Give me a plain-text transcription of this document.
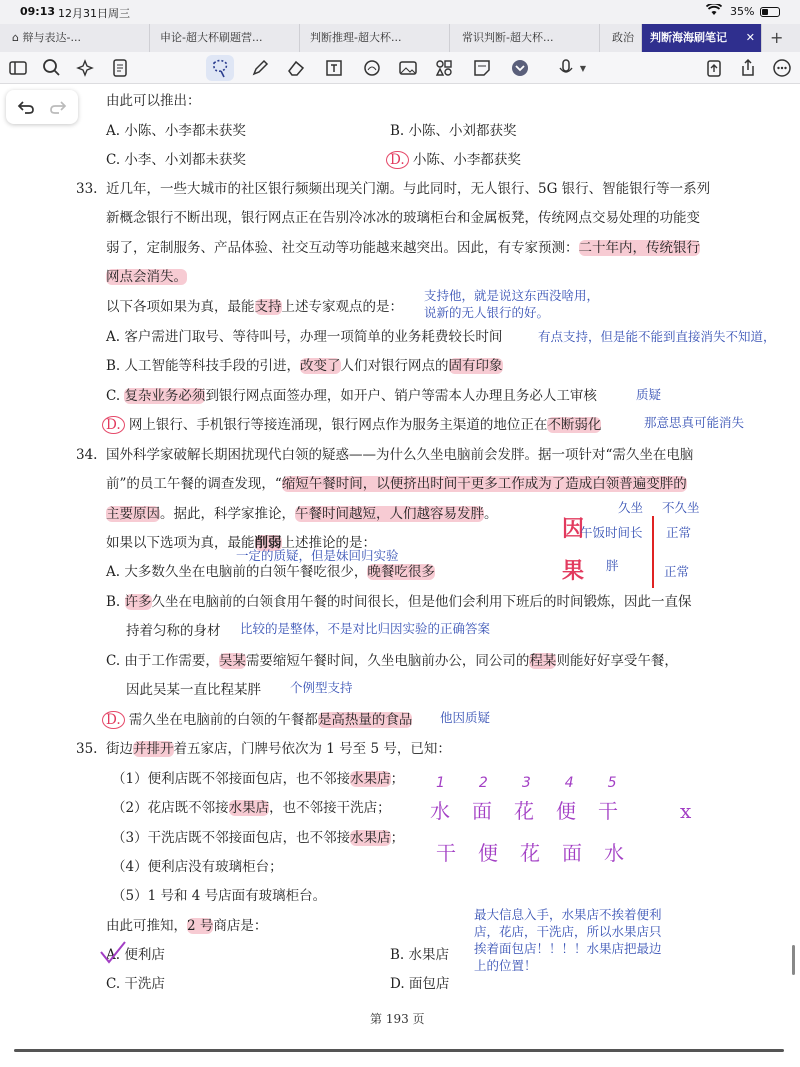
09:13 12月31日周三	35%
⌂ 辩与表达-...	申论-超大杯刷题营...	判断推理-超大杯...	常识判断-超大杯...	政治 判断海海刷笔记 ✕ +
▼
由此可以推出：
A. 小陈、小李都未获奖	B. 小陈、小刘都获奖
C. 小李、小刘都未获奖	D. 小陈、小李都获奖
33. 近几年，一些大城市的社区银行频频出现关门潮。与此同时，无人银行、5G 银行、智能银行等一系列
新概念银行不断出现，银行网点正在告别冷冰冰的玻璃柜台和金属板凳，传统网点交易处理的功能变
弱了，定制服务、产品体验、社交互动等功能越来越突出。因此，有专家预测：二十年内，传统银行
网点会消失。
以下各项如果为真，最能支持上述专家观点的是：
支持他，就是说这东西没啥用，
说新的无人银行的好。
A. 客户需进门取号、等待叫号，办理一项简单的业务耗费较长时间	有点支持，但是能不能到直接消失不知道，
B. 人工智能等科技手段的引进，改变了人们对银行网点的固有印象
C. 复杂业务必须到银行网点面签办理，如开户、销户等需本人办理且务必人工审核	质疑
D. 网上银行、手机银行等接连涌现，银行网点作为服务主渠道的地位正在不断弱化	那意思真可能消失
34. 国外科学家破解长期困扰现代白领的疑惑——为什么久坐电脑前会发胖。据一项针对“需久坐在电脑
前”的员工午餐的调查发现，“缩短午餐时间，以便挤出时间干更多工作成为了造成白领普遍变胖的
主要原因。据此，科学家推论，午餐时间越短，人们越容易发胖。
如果以下选项为真，最能削弱上述推论的是：
一定的质疑，但是妹回归实验
A. 大多数久坐在电脑前的白领午餐吃很少，晚餐吃很多
因
果
久坐 不久坐
午饭时间长 正常
胖	正常
B. 许多久坐在电脑前的白领食用午餐的时间很长，但是他们会利用下班后的时间锻炼，因此一直保
持着匀称的身材 比较的是整体，不是对比归因实验的正确答案
C. 由于工作需要，吴某需要缩短午餐时间，久坐电脑前办公，同公司的程某则能好好享受午餐，
因此吴某一直比程某胖 个例型支持
D. 需久坐在电脑前的白领的午餐都是高热量的食品 他因质疑
35. 街边并排开着五家店，门牌号依次为 1 号至 5 号，已知：
（1）便利店既不邻接面包店，也不邻接水果店；
（2）花店既不邻接水果店，也不邻接干洗店；
（3）干洗店既不邻接面包店，也不邻接水果店；
（4）便利店没有玻璃柜台；
（5）1 号和 4 号店面有玻璃柜台。
12345
水面花便干 x
干便花面水
由此可推知，2 号商店是：
最大信息入手，水果店不挨着便利
店，花店，干洗店，所以水果店只
挨着面包店！！！！水果店把最边
上的位置！
A. 便利店	B. 水果店
C. 干洗店	D. 面包店
第 193 页
